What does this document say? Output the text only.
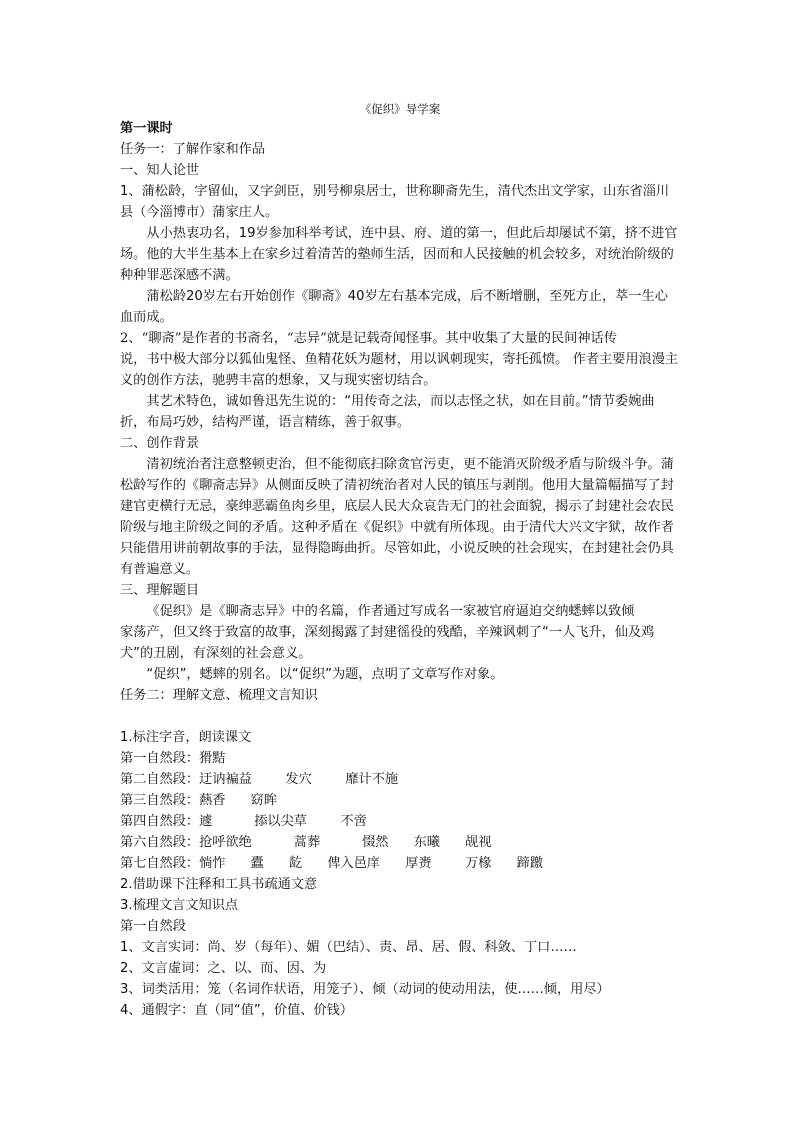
《促织》导学案

第一课时

任务一：了解作家和作品

一、知人论世

1、蒲松龄，字留仙，又字剑臣，别号柳泉居士，世称聊斋先生，清代杰出文学家，山东省淄川县（今淄博市）蒲家庄人。

从小热衷功名，19岁参加科举考试，连中县、府、道的第一，但此后却屡试不第，挤不进官场。他的大半生基本上在家乡过着清苦的塾师生活，因而和人民接触的机会较多，对统治阶级的种种罪恶深感不满。

蒲松龄20岁左右开始创作《聊斋》40岁左右基本完成，后不断增删，至死方止，萃一生心血而成。

2、“聊斋”是作者的书斋名，“志异”就是记载奇闻怪事。其中收集了大量的民间神话传

说，书中极大部分以狐仙鬼怪、鱼精花妖为题材，用以讽刺现实，寄托孤愤。 作者主要用浪漫主义的创作方法，驰骋丰富的想象，又与现实密切结合。

其艺术特色，诚如鲁迅先生说的：“用传奇之法，而以志怪之状，如在目前。”情节委婉曲折，布局巧妙，结构严谨，语言精练，善于叙事。

二、创作背景

清初统治者注意整顿吏治，但不能彻底扫除贪官污吏，更不能消灭阶级矛盾与阶级斗争。蒲松龄写作的《聊斋志异》从侧面反映了清初统治者对人民的镇压与剥削。他用大量篇幅描写了封建官吏横行无忌，豪绅恶霸鱼肉乡里，底层人民大众哀告无门的社会面貌，揭示了封建社会农民阶级与地主阶级之间的矛盾。这种矛盾在《促织》中就有所体现。由于清代大兴文字狱，故作者只能借用讲前朝故事的手法，显得隐晦曲折。尽管如此，小说反映的社会现实，在封建社会仍具有普遍意义。

三、理解题目

《促织》是《聊斋志异》中的名篇，作者通过写成名一家被官府逼迫交纳蟋蟀以致倾

家荡产，但又终于致富的故事，深刻揭露了封建徭役的残酷，辛辣讽刺了“一人飞升，仙及鸡犬”的丑剧，有深刻的社会意义。

“促织”，蟋蟀的别名。以“促织”为题，点明了文章写作对象。

任务二：理解文意、梳理文言知识

1.标注字音，朗读课文

第一自然段：猾黠

第二自然段：迂讷褊益        发穴        靡计不施

第三自然段：爇香      窈眸

第四自然段：遽          掭以尖草        不啻

第六自然段：抢呼欲绝          蒿葬          惙然      东曦      觇视

第七自然段：惝怍      蠹      龁      俾入邑庠      厚赉        万椽      蹄躈

2.借助课下注释和工具书疏通文意

3.梳理文言文知识点

第一自然段

1、文言实词：尚、岁（每年）、媚（巴结）、责、昂、居、假、科敛、丁口……

2、文言虚词：之、以、而、因、为

3、词类活用：笼（名词作状语，用笼子）、倾（动词的使动用法，使……倾，用尽）

4、通假字：直（同“值”，价值、价钱）
